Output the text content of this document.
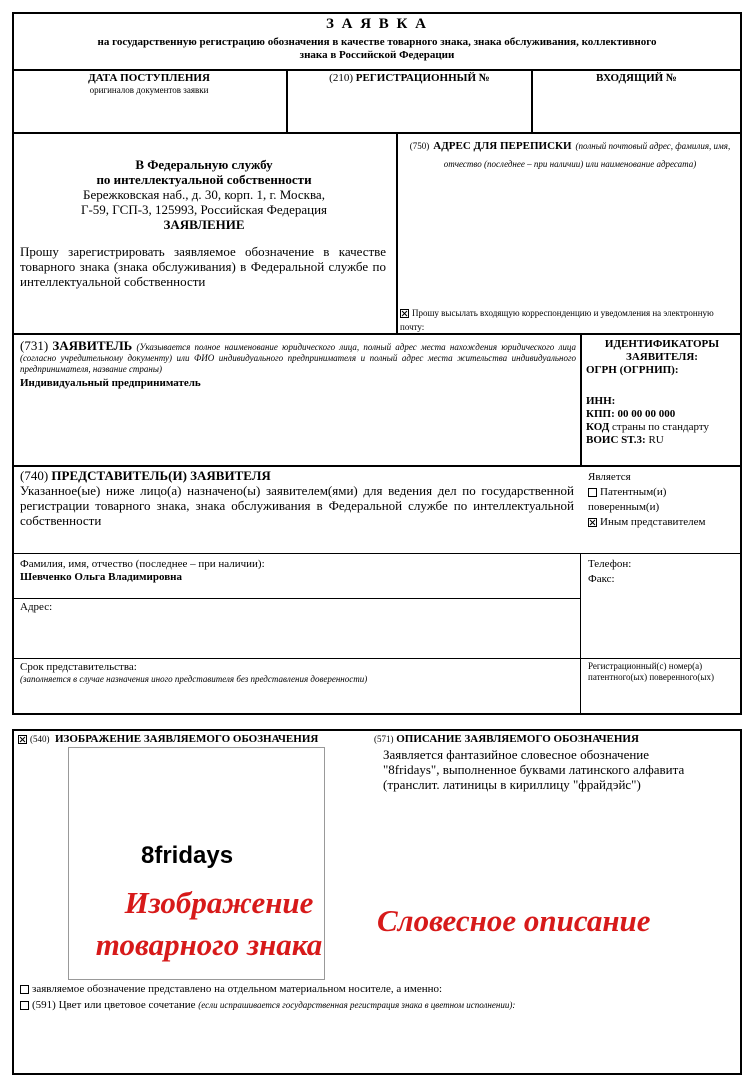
З А Я В К А
на государственную регистрацию обозначения в качестве товарного знака, знака обслуживания, коллективного
знака в Российской Федерации
ДАТА ПОСТУПЛЕНИЯ
оригиналов документов заявки
(210) РЕГИСТРАЦИОННЫЙ №	ВХОДЯЩИЙ №
В Федеральную службу
по интеллектуальной собственности
Бережковская наб., д. 30, корп. 1, г. Москва,
Г-59, ГСП-3, 125993, Российская Федерация
ЗАЯВЛЕНИЕ
Прошу зарегистрировать заявляемое обозначение в качестве товарного знака (знака обслуживания) в Федеральной службе по интеллектуальной собственности
(750) АДРЕС ДЛЯ ПЕРЕПИСКИ (полный почтовый адрес, фамилия, имя, отчество (последнее – при наличии) или наименование адресата)
Прошу высылать входящую корреспонденцию и уведомления на электронную почту:
(731) ЗАЯВИТЕЛЬ (Указывается полное наименование юридического лица, полный адрес места нахождения юридического лица (согласно учредительному документу) или ФИО индивидуального предпринимателя и полный адрес места жительства индивидуального предпринимателя, название страны)
Индивидуальный предприниматель
ИДЕНТИФИКАТОРЫ
ЗАЯВИТЕЛЯ:
ОГРН (ОГРНИП):
ИНН:
КПП: 00 00 00 000
КОД страны по стандарту
ВОИС ST.3: RU
(740) ПРЕДСТАВИТЕЛЬ(И) ЗАЯВИТЕЛЯ
Указанное(ые) ниже лицо(а) назначено(ы) заявителем(ями) для ведения дел по государственной регистрации товарного знака, знака обслуживания в Федеральной службе по интеллектуальной собственности
Является
Патентным(и) поверенным(и)
Иным представителем
Фамилия, имя, отчество (последнее – при наличии):
Шевченко Ольга Владимировна
Адрес:
Телефон:
Факс:
Срок представительства:
(заполняется в случае назначения иного представителя без представления доверенности)
Регистрационный(с) номер(а) патентного(ых) поверенного(ых)
(540) ИЗОБРАЖЕНИЕ ЗАЯВЛЯЕМОГО ОБОЗНАЧЕНИЯ
8fridays
Изображение
товарного знака
(571) ОПИСАНИЕ ЗАЯВЛЯЕМОГО ОБОЗНАЧЕНИЯ
Заявляется фантазийное словесное обозначение
"8fridays", выполненное буквами латинского алфавита
(транслит. латиницы в кириллицу "фрайдэйс")
Словесное описание
заявляемое обозначение представлено на отдельном материальном носителе, а именно:
(591) Цвет или цветовое сочетание (если испрашивается государственная регистрация знака в цветном исполнении):
